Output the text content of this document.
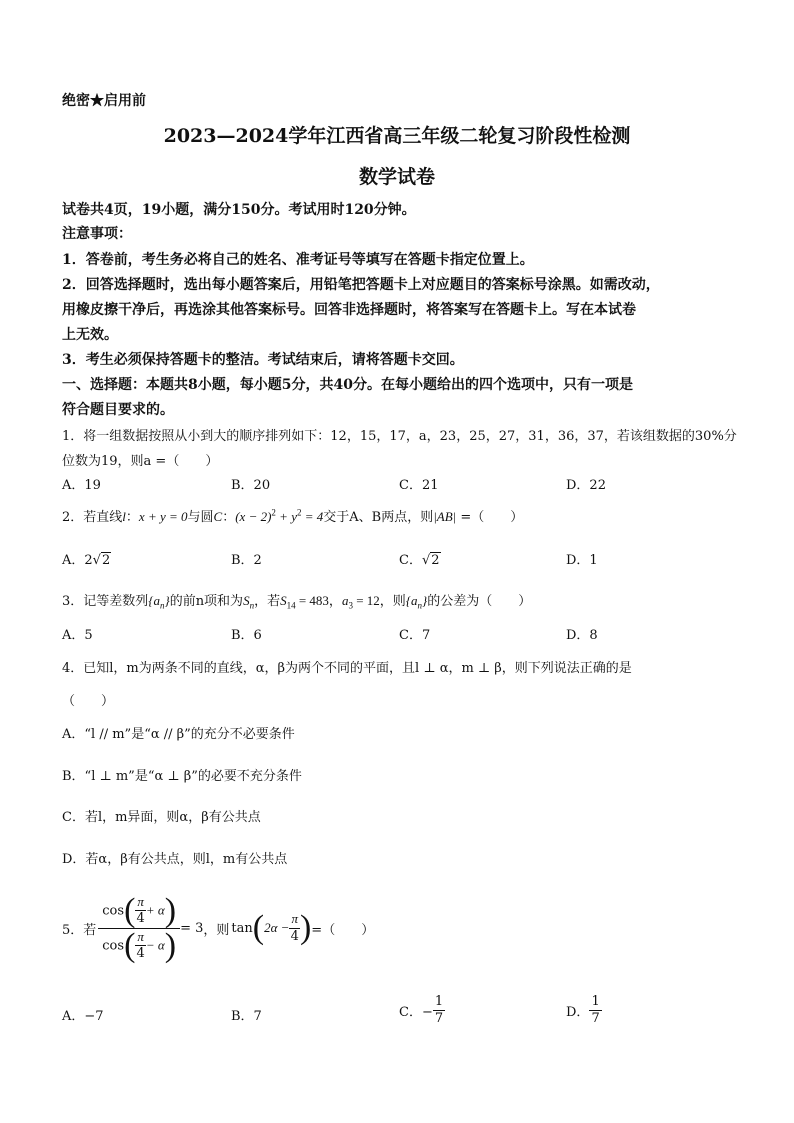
绝密★启用前
2023—2024学年江西省高三年级二轮复习阶段性检测
数学试卷
试卷共4页，19小题，满分150分。考试用时120分钟。
注意事项：
1．答卷前，考生务必将自己的姓名、准考证号等填写在答题卡指定位置上。
2．回答选择题时，选出每小题答案后，用铅笔把答题卡上对应题目的答案标号涂黑。如需改动，
用橡皮擦干净后，再选涂其他答案标号。回答非选择题时，将答案写在答题卡上。写在本试卷
上无效。
3．考生必须保持答题卡的整洁。考试结束后，请将答题卡交回。
一、选择题：本题共8小题，每小题5分，共40分。在每小题给出的四个选项中，只有一项是
符合题目要求的。
1．将一组数据按照从小到大的顺序排列如下：12，15，17，a，23，25，27，31，36，37，若该组数据的30%分
位数为19，则a =（　　）
A．19	B．20	C．21	D．22
2．若直线l：x + y = 0与圆C：$(x - 2)^2 + y^2 = 4$交于A、B两点，则|AB| =（　　）
A．2√2	B．2	C．√2	D．1
3．记等差数列$\{a_n\}$的前n项和为$S_n$，若$S_{14} = 483$，$a_3 = 12$，则$\{a_n\}$的公差为（　　）
A．5	B．6	C．7	D．8
4．已知l，m为两条不同的直线，α，β为两个不同的平面，且l ⊥ α，m ⊥ β，则下列说法正确的是
（　　）
A．“l // m”是“α // β”的充分不必要条件
B．“l ⊥ m”是“α ⊥ β”的必要不充分条件
C．若l，m异面，则α，β有公共点
D．若α，β有公共点，则l，m有公共点
5．若 $\frac{\cos( \frac{\pi}{4} + \alpha)}{\cos( \frac{\pi}{4} - \alpha)} = 3$ ，则 tan ( $2\alpha - \frac{\pi}{4}$ ) =（　　）
A．−7	B．7	C．− $\frac{1}{7}$	D． $\frac{1}{7}$
